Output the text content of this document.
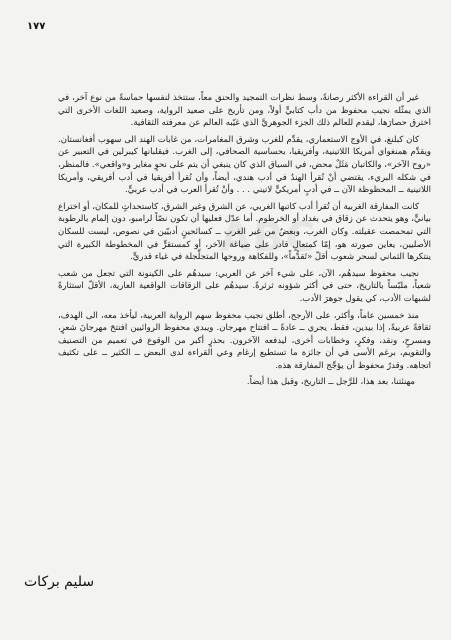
١٧٧
ABC

غير أن القراءة الأكثر رصانةً، وسط نظرات التمجيد والحنق معاً، ستتخذ لنفسها حماسةً من نوع آخر، في الذي يمثّله نجيب محفوظ من دأب كتابيٍّ أولاً، ومن تأريخ على صعيد الرواية، وصعيد اللغات الأخرى التي اخترق حصارَها، ليقدم للعالم ذلك الجزء الجوهريَّ الذي غيّبه العالم عن معرفته الثقافية.

كان كبلنغ، في الأوج الاستعماري، يقدِّم للغرب وشرق المغامرات، من غابات الهند الى سهوب أفغانستان. ويقدِّم همنغواي أمريكا اللاتينية، وأفريقيا، بحساسية الصحافي، إلى الغرب. فيقلبانها كيبرلين في التعبير عن «روح الآخر»، والكاتبان مَثَلٌ محض، في السياق الذي كان ينبغي أن يتم على نحوٍ مغاير و«واقعي». فالمنظر، في شكله البريء، يقتضي أنْ تُقرأ الهندُ في أدب هندي، أيضاً، وأن تُقرأ أفريقيا في أدب أفريقي، وأمريكا اللاتينية ــ المحظوظة الآن ــ في أدبٍ أمريكيٍّ لاتيني . . . وأنْ تُقرأ العرب في أدب عربيٍّ.

كانت المفارقة الغربية أن تُقرأ أدب كاتبها الغربي، عن الشرق وغير الشرق، كاستحداثٍ للمكان، أو اختراع بيانيٍّ، وهو يتحدث عن زقاق في بغداد أو الخرطوم. أما عدّل فعليها أن تكون نصّاً لرامبو، دون إلمام بالرطوبة التي تمحمصت عقيلته. وكان الغرب، وبعضٌ من غير الغرب ــ كسائحينٍ أدبيّين في نصوص، ليست للسكان الأصليين، يعاين صورته هو، إمّا كمتعالٍ قادر على صياغة الآخر، أو كمستقرٍّ في المخطوطة الكبيرة التي ينتكرها الثماني لسحر شعوب أقلّ «تَقدُّماً»، وللفكاهة وروحها المتجلِّجلة في غياء قدريٍّ.

نجيب محفوظ سيدهُم، الآن، على شيء آخر عن العربي: سيدهُم على الكينونة التي تجعل من شعب شعباً، ملبّساً بالتاريخ، حتى في أكثر شؤونه ثرثرةً. سيدهُم على الزقاقات الواقعية العارية، الأقلّ استثارةً لشبهات الأدب، كي يقول جوهرَ الأدب.

منذ خمسين عاماً، وأكثر، على الأرجح، أطلق نجيب محفوظ سهم الرواية العربية، ليأخذ معه، الى الهدف، ثقافةً عربيةً، إذا بيدين، فقط، يجري ــ عادةً ــ افتتاح مهرجان. ويبدي محفوظ الروائيين افتتحَ مهرجانَ شعرٍ، ومسرحٍ، ونقد، وفكرٍ، وخطابات أخرى، ليدفعه الآخرون. بحذرٍ أكبر من الوقوع في تعميم من التصنيف والتقويم، برغم الأسى في أن جائزة ما تستطيع إرغام وعي القراءة لدى البعض ــ الكثير ــ على تكثيف اتجاهه. وقدرٌ محفوظ أن يؤجِّج المفارقة هذه.

مهنئتنا، بعد هذا، للرَّجل ــ التاريخ، وقبل هذا أيضاً.

سليم بركات
